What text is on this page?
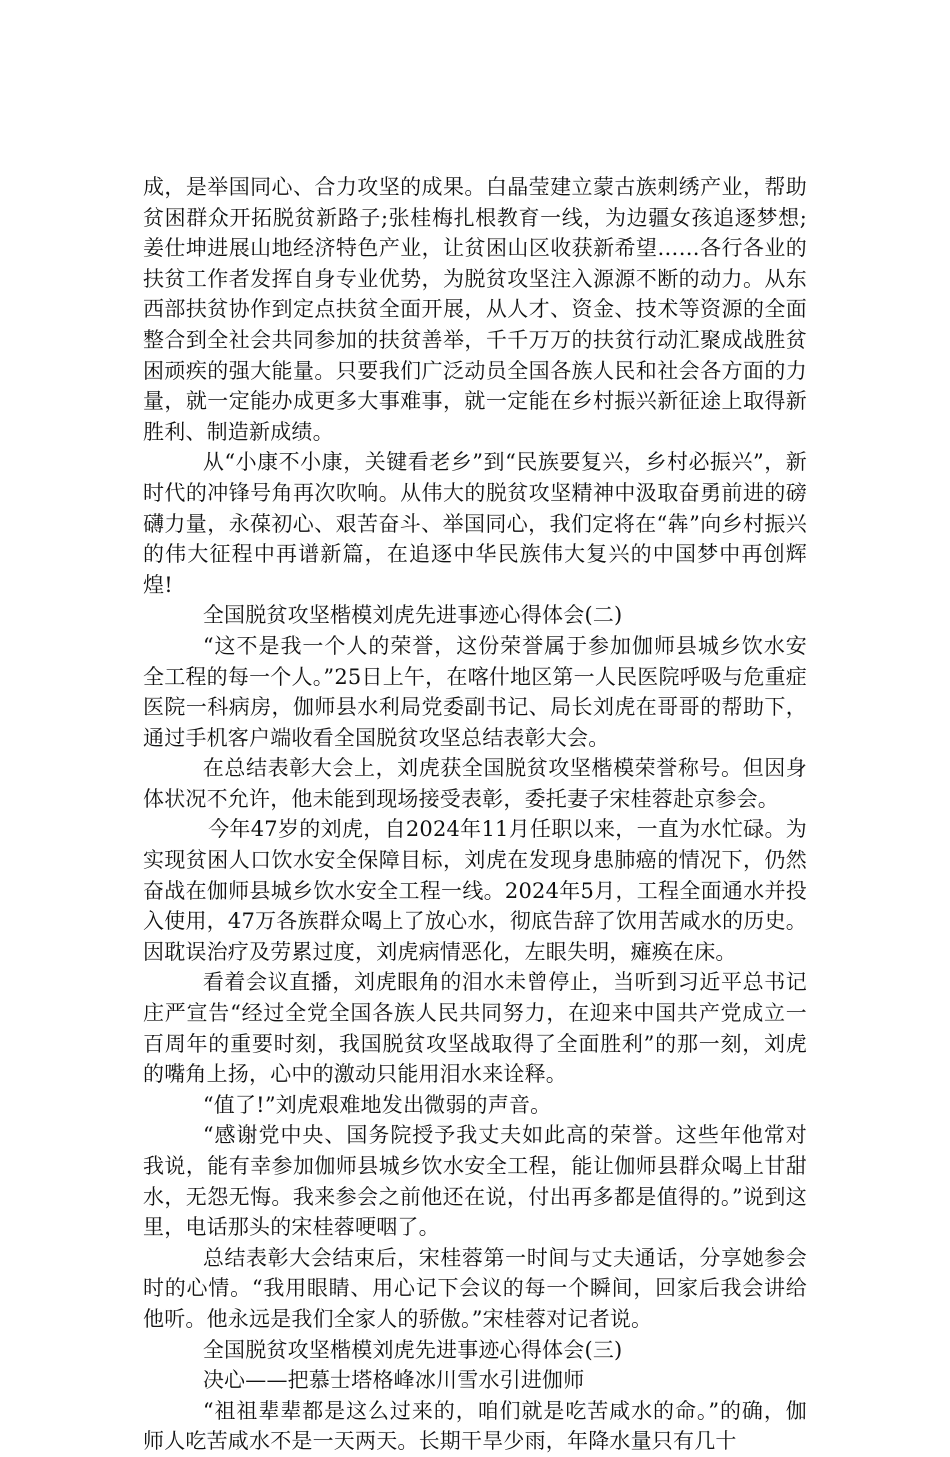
成，是举国同心、合力攻坚的成果。白晶莹建立蒙古族刺绣产业，帮助贫困群众开拓脱贫新路子;张桂梅扎根教育一线，为边疆女孩追逐梦想;姜仕坤进展山地经济特色产业，让贫困山区收获新希望……各行各业的扶贫工作者发挥自身专业优势，为脱贫攻坚注入源源不断的动力。从东西部扶贫协作到定点扶贫全面开展，从人才、资金、技术等资源的全面整合到全社会共同参加的扶贫善举，千千万万的扶贫行动汇聚成战胜贫困顽疾的强大能量。只要我们广泛动员全国各族人民和社会各方面的力量，就一定能办成更多大事难事，就一定能在乡村振兴新征途上取得新胜利、制造新成绩。

从“小康不小康，关键看老乡”到“民族要复兴，乡村必振兴”，新时代的冲锋号角再次吹响。从伟大的脱贫攻坚精神中汲取奋勇前进的磅礴力量，永葆初心、艰苦奋斗、举国同心，我们定将在“犇”向乡村振兴的伟大征程中再谱新篇，在追逐中华民族伟大复兴的中国梦中再创辉煌!

全国脱贫攻坚楷模刘虎先进事迹心得体会(二)

“这不是我一个人的荣誉，这份荣誉属于参加伽师县城乡饮水安全工程的每一个人。”25日上午，在喀什地区第一人民医院呼吸与危重症医院一科病房，伽师县水利局党委副书记、局长刘虎在哥哥的帮助下，通过手机客户端收看全国脱贫攻坚总结表彰大会。

在总结表彰大会上，刘虎获全国脱贫攻坚楷模荣誉称号。但因身体状况不允许，他未能到现场接受表彰，委托妻子宋桂蓉赴京参会。

今年47岁的刘虎，自2024年11月任职以来，一直为水忙碌。为实现贫困人口饮水安全保障目标，刘虎在发现身患肺癌的情况下，仍然奋战在伽师县城乡饮水安全工程一线。2024年5月，工程全面通水并投入使用，47万各族群众喝上了放心水，彻底告辞了饮用苦咸水的历史。因耽误治疗及劳累过度，刘虎病情恶化，左眼失明，瘫痪在床。

看着会议直播，刘虎眼角的泪水未曾停止，当听到习近平总书记庄严宣告“经过全党全国各族人民共同努力，在迎来中国共产党成立一百周年的重要时刻，我国脱贫攻坚战取得了全面胜利”的那一刻，刘虎的嘴角上扬，心中的激动只能用泪水来诠释。

“值了!”刘虎艰难地发出微弱的声音。

“感谢党中央、国务院授予我丈夫如此高的荣誉。这些年他常对我说，能有幸参加伽师县城乡饮水安全工程，能让伽师县群众喝上甘甜水，无怨无悔。我来参会之前他还在说，付出再多都是值得的。”说到这里，电话那头的宋桂蓉哽咽了。

总结表彰大会结束后，宋桂蓉第一时间与丈夫通话，分享她参会时的心情。“我用眼睛、用心记下会议的每一个瞬间，回家后我会讲给他听。他永远是我们全家人的骄傲。”宋桂蓉对记者说。

全国脱贫攻坚楷模刘虎先进事迹心得体会(三)

决心——把慕士塔格峰冰川雪水引进伽师

“祖祖辈辈都是这么过来的，咱们就是吃苦咸水的命。”的确，伽师人吃苦咸水不是一天两天。长期干旱少雨，年降水量只有几十
